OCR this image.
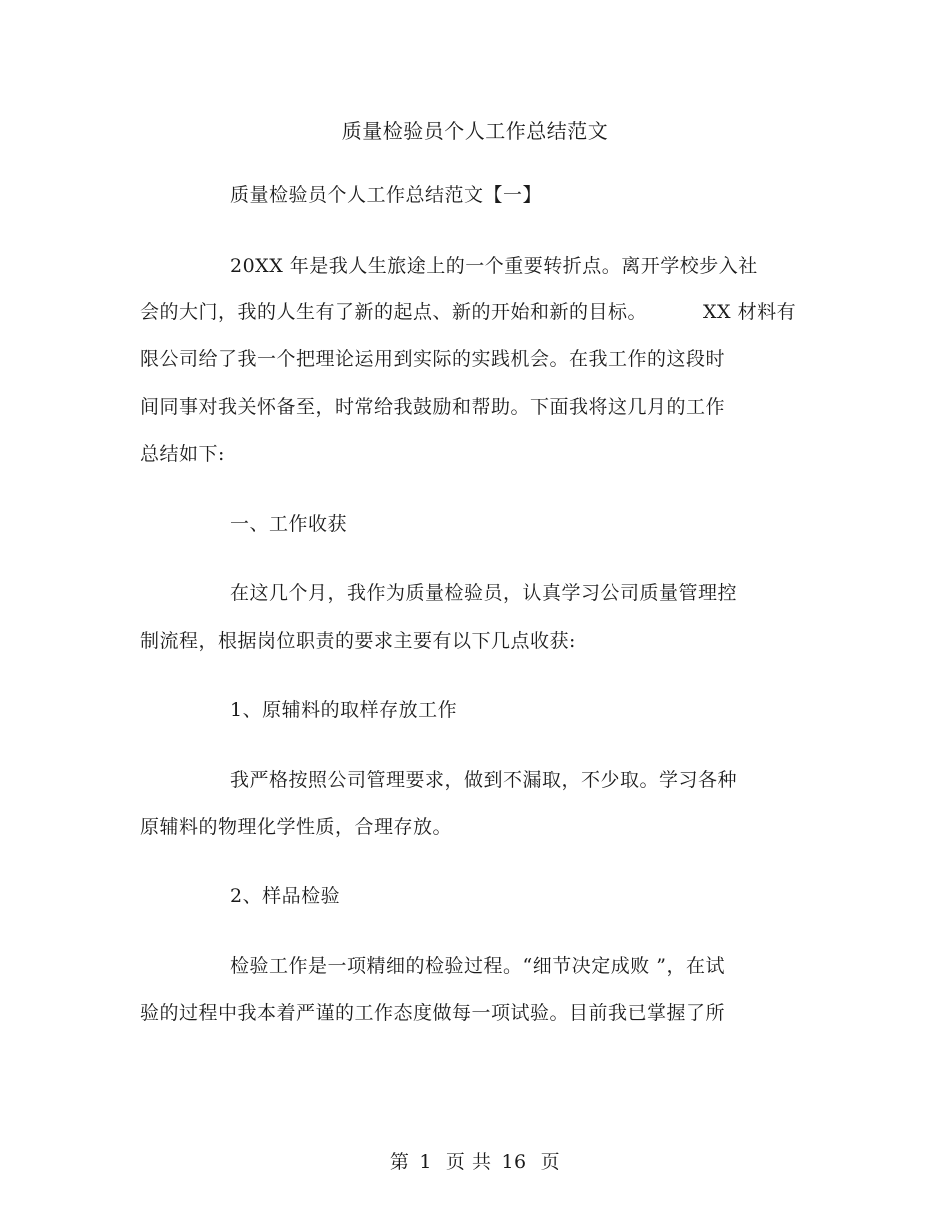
质量检验员个人工作总结范文
质量检验员个人工作总结范文【一】
20XX 年是我人生旅途上的一个重要转折点。离开学校步入社
会的大门，我的人生有了新的起点、新的开始和新的目标。	XX 材料有
限公司给了我一个把理论运用到实际的实践机会。在我工作的这段时
间同事对我关怀备至，时常给我鼓励和帮助。下面我将这几月的工作
总结如下:
一、工作收获
在这几个月，我作为质量检验员，认真学习公司质量管理控
制流程，根据岗位职责的要求主要有以下几点收获:
1、原辅料的取样存放工作
我严格按照公司管理要求，做到不漏取，不少取。学习各种
原辅料的物理化学性质，合理存放。
2、样品检验
检验工作是一项精细的检验过程。“细节决定成败 ”，在试
验的过程中我本着严谨的工作态度做每一项试验。目前我已掌握了所
第 1 页 共 16 页
